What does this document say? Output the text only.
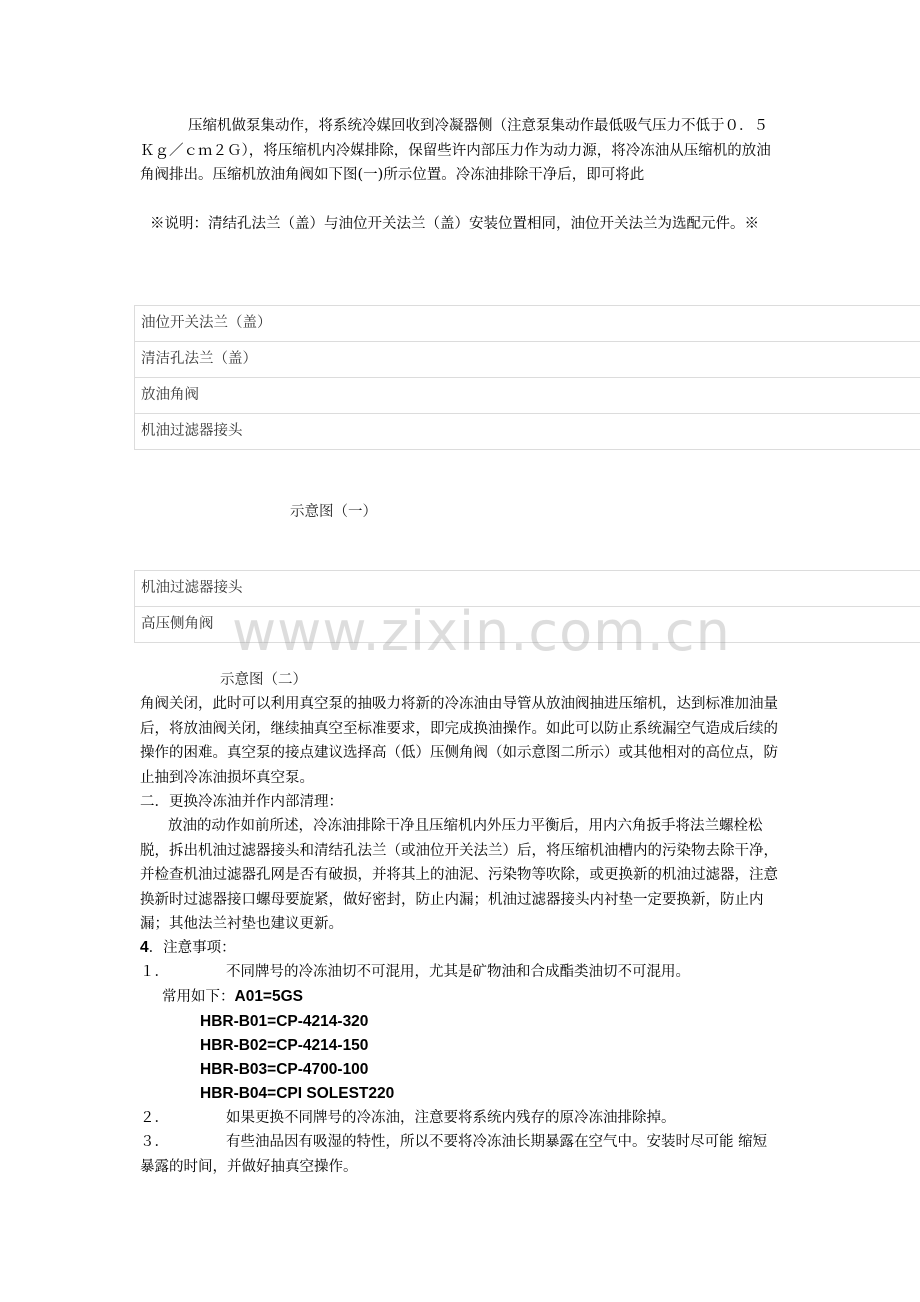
压缩机做泵集动作，将系统冷媒回收到冷凝器侧（注意泵集动作最低吸气压力不低于０．５Ｋｇ／ｃｍ２Ｇ），将压缩机内冷媒排除，保留些许内部压力作为动力源，将冷冻油从压缩机的放油角阀排出。压缩机放油角阀如下图(一)所示位置。冷冻油排除干净后，即可将此
※说明：清结孔法兰（盖）与油位开关法兰（盖）安装位置相同，油位开关法兰为选配元件。※
油位开关法兰（盖）
清洁孔法兰（盖）
放油角阀
机油过滤器接头
示意图（一）
机油过滤器接头
高压侧角阀 www.zixin.com.cn
示意图（二）
角阀关闭，此时可以利用真空泵的抽吸力将新的冷冻油由导管从放油阀抽进压缩机，达到标准加油量后，将放油阀关闭，继续抽真空至标准要求，即完成换油操作。如此可以防止系统漏空气造成后续的操作的困难。真空泵的接点建议选择高（低）压侧角阀（如示意图二所示）或其他相对的高位点，防止抽到冷冻油损坏真空泵。
二．更换冷冻油并作内部清理：
放油的动作如前所述，冷冻油排除干净且压缩机内外压力平衡后，用内六角扳手将法兰螺栓松脱，拆出机油过滤器接头和清结孔法兰（或油位开关法兰）后，将压缩机油槽内的污染物去除干净，并检查机油过滤器孔网是否有破损，并将其上的油泥、污染物等吹除，或更换新的机油过滤器，注意换新时过滤器接口螺母要旋紧，做好密封，防止内漏；机油过滤器接头内衬垫一定要换新，防止内漏；其他法兰衬垫也建议更新。
4．注意事项：
１．	不同牌号的冷冻油切不可混用，尤其是矿物油和合成酯类油切不可混用。
常用如下：A01=5GS
HBR-B01=CP-4214-320
HBR-B02=CP-4214-150
HBR-B03=CP-4700-100
HBR-B04=CPI SOLEST220
２．	如果更换不同牌号的冷冻油，注意要将系统内残存的原冷冻油排除掉。
３．	有些油品因有吸湿的特性，所以不要将冷冻油长期暴露在空气中。安装时尽可能 缩短暴露的时间，并做好抽真空操作。
